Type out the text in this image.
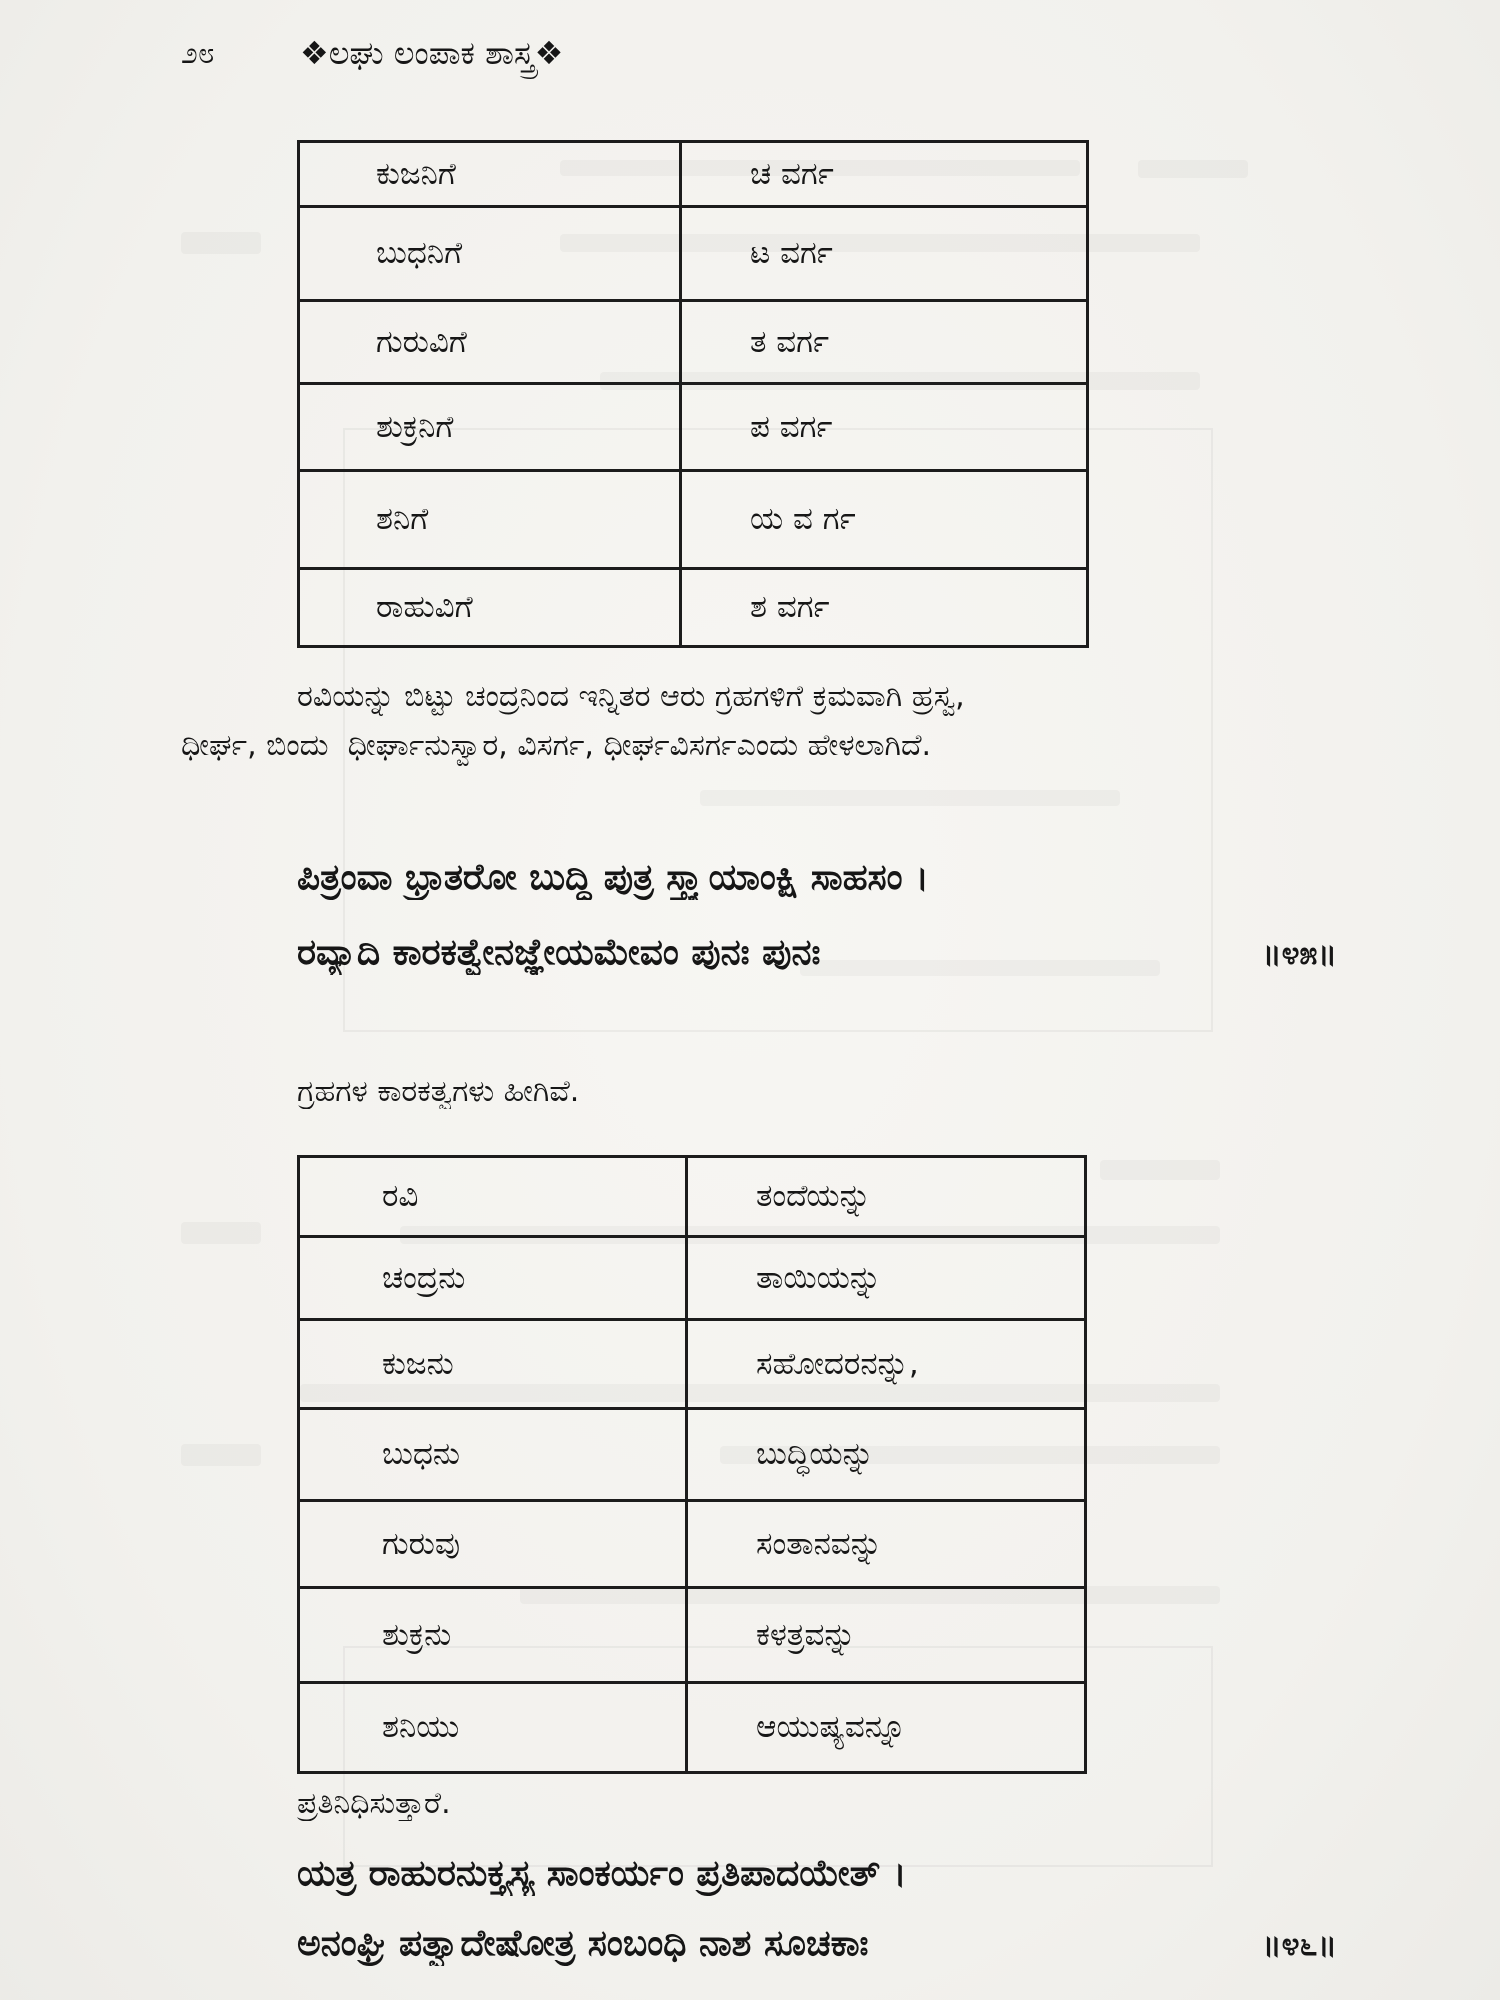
೨೮	❖ಲಘು ಲಂಪಾಕ ಶಾಸ್ತ್ರ❖
ಕುಜನಿಗೆ	ಚ ವರ್ಗ
ಬುಧನಿಗೆ	ಟ ವರ್ಗ
ಗುರುವಿಗೆ	ತ ವರ್ಗ
ಶುಕ್ರನಿಗೆ	ಪ ವರ್ಗ
ಶನಿಗೆ	ಯ ವ ರ್ಗ
ರಾಹುವಿಗೆ	ಶ ವರ್ಗ
ರವಿಯನ್ನು ಬಿಟ್ಟು ಚಂದ್ರನಿಂದ ಇನ್ನಿತರ ಆರು ಗ್ರಹಗಳಿಗೆ ಕ್ರಮವಾಗಿ ಹ್ರಸ್ವ,
ಧೀರ್ಘ, ಬಿಂದು  ಧೀರ್ಘಾನುಸ್ವಾರ, ವಿಸರ್ಗ, ಧೀರ್ಘವಿಸರ್ಗಎಂದು ಹೇಳಲಾಗಿದೆ.
ಪಿತ್ರಂವಾ ಭ್ರಾತರೋ ಬುದ್ಧಿ ಪುತ್ರ ಸ್ತ್ರ್ಯಾಯಾಂಕ್ಷಿ ಸಾಹಸಂ ।
ರವ್ಯಾದಿ ಕಾರಕತ್ವೇನಜ್ಞೇಯಮೇವಂ ಪುನಃ ಪುನಃ	॥೪೫॥
ಗ್ರಹಗಳ ಕಾರಕತ್ವಗಳು ಹೀಗಿವೆ.
ರವಿ	ತಂದೆಯನ್ನು
ಚಂದ್ರನು	ತಾಯಿಯನ್ನು
ಕುಜನು	ಸಹೋದರನನ್ನು,
ಬುಧನು	ಬುದ್ಧಿಯನ್ನು
ಗುರುವು	ಸಂತಾನವನ್ನು
ಶುಕ್ರನು	ಕಳತ್ರವನ್ನು
ಶನಿಯು	ಆಯುಷ್ಯವನ್ನೂ
ಪ್ರತಿನಿಧಿಸುತ್ತಾರೆ.
ಯತ್ರ ರಾಹುರನುಕ್ತ್ಯಸ್ಯ ಸಾಂಕರ್ಯಂ ಪ್ರತಿಪಾದಯೇತ್ ।
ಅನಂಘ್ರಿ ಪತ್ವಾದೇಷೋತ್ರ ಸಂಬಂಧಿ ನಾಶ ಸೂಚಕಾಃ	॥೪೬॥
